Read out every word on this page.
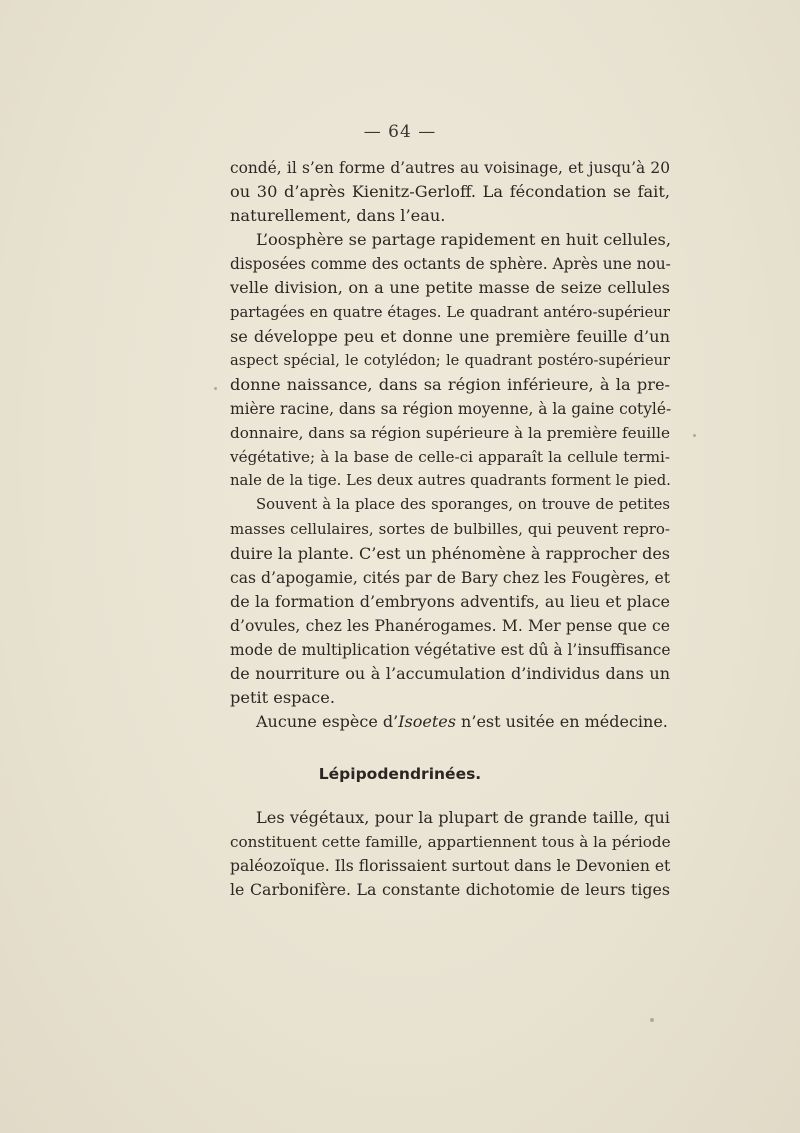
— 64 —

condé, il s’en forme d’autres au voisinage, et jusqu’à 20
ou 30 d’après Kienitz-Gerloff. La fécondation se fait,
naturellement, dans l’eau.

L’oosphère se partage rapidement en huit cellules,
disposées comme des octants de sphère. Après une nou-
velle division, on a une petite masse de seize cellules
partagées en quatre étages. Le quadrant antéro-supérieur
se développe peu et donne une première feuille d’un
aspect spécial, le cotylédon; le quadrant postéro-supérieur
donne naissance, dans sa région inférieure, à la pre-
mière racine, dans sa région moyenne, à la gaine cotylé-
donnaire, dans sa région supérieure à la première feuille
végétative; à la base de celle-ci apparaît la cellule termi-
nale de la tige. Les deux autres quadrants forment le pied.

Souvent à la place des sporanges, on trouve de petites
masses cellulaires, sortes de bulbilles, qui peuvent repro-
duire la plante. C’est un phénomène à rapprocher des
cas d’apogamie, cités par de Bary chez les Fougères, et
de la formation d’embryons adventifs, au lieu et place
d’ovules, chez les Phanérogames. M. Mer pense que ce
mode de multiplication végétative est dû à l’insuffisance
de nourriture ou à l’accumulation d’individus dans un
petit espace.

Aucune espèce d’Isoetes n’est usitée en médecine.

Lépipodendrinées.

Les végétaux, pour la plupart de grande taille, qui
constituent cette famille, appartiennent tous à la période
paléozoïque. Ils florissaient surtout dans le Devonien et
le Carbonifère. La constante dichotomie de leurs tiges
